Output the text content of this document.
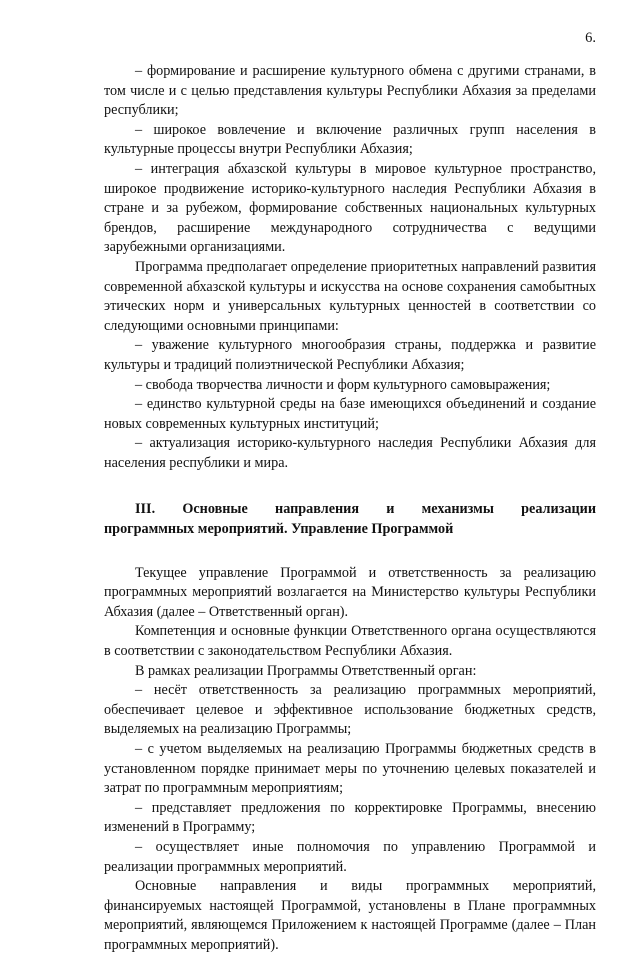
6.

– формирование и расширение культурного обмена с другими странами, в том числе и с целью представления культуры Республики Абхазия за пределами республики;

– широкое вовлечение и включение различных групп населения в культурные процессы внутри Республики Абхазия;

– интеграция абхазской культуры в мировое культурное пространство, широкое продвижение историко-культурного наследия Республики Абхазия в стране и за рубежом, формирование собственных национальных культурных брендов, расширение международного сотрудничества с ведущими зарубежными организациями.

Программа предполагает определение приоритетных направлений развития современной абхазской культуры и искусства на основе сохранения самобытных этических норм и универсальных культурных ценностей в соответствии со следующими основными принципами:

– уважение культурного многообразия страны, поддержка и развитие культуры и традиций полиэтнической Республики Абхазия;

– свобода творчества личности и форм культурного самовыражения;

– единство культурной среды на базе имеющихся объединений и создание новых современных культурных институций;

– актуализация историко-культурного наследия Республики Абхазия для населения республики и мира.

III. Основные направления и механизмы реализации
программных мероприятий. Управление Программой

Текущее управление Программой и ответственность за реализацию программных мероприятий возлагается на Министерство культуры Республики Абхазия (далее – Ответственный орган).

Компетенция и основные функции Ответственного органа осуществляются в соответствии с законодательством Республики Абхазия.

В рамках реализации Программы Ответственный орган:

– несёт ответственность за реализацию программных мероприятий, обеспечивает целевое и эффективное использование бюджетных средств, выделяемых на реализацию Программы;

– с учетом выделяемых на реализацию Программы бюджетных средств в установленном порядке принимает меры по уточнению целевых показателей и затрат по программным мероприятиям;

– представляет предложения по корректировке Программы, внесению изменений в Программу;

– осуществляет иные полномочия по управлению Программой и реализации программных мероприятий.

Основные направления и виды программных мероприятий, финансируемых настоящей Программой, установлены в Плане программных мероприятий, являющемся Приложением к настоящей Программе (далее – План программных мероприятий).
